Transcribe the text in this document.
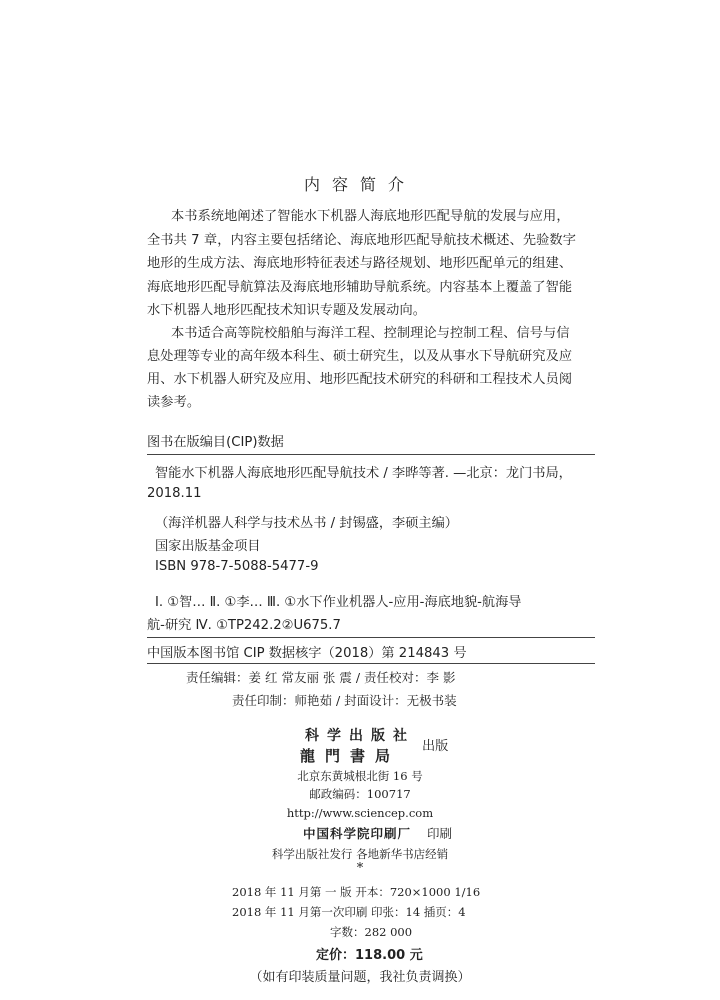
内容简介
本书系统地阐述了智能水下机器人海底地形匹配导航的发展与应用，
全书共 7 章，内容主要包括绪论、海底地形匹配导航技术概述、先验数字
地形的生成方法、海底地形特征表述与路径规划、地形匹配单元的组建、
海底地形匹配导航算法及海底地形辅助导航系统。内容基本上覆盖了智能
水下机器人地形匹配技术知识专题及发展动向。
本书适合高等院校船舶与海洋工程、控制理论与控制工程、信号与信
息处理等专业的高年级本科生、硕士研究生，以及从事水下导航研究及应
用、水下机器人研究及应用、地形匹配技术研究的科研和工程技术人员阅
读参考。
图书在版编目(CIP)数据
智能水下机器人海底地形匹配导航技术 / 李晔等著. —北京：龙门书局，
2018.11
（海洋机器人科学与技术丛书 / 封锡盛，李硕主编）
国家出版基金项目
ISBN 978-7-5088-5477-9
Ⅰ. ①智… Ⅱ. ①李… Ⅲ. ①水下作业机器人-应用-海底地貌-航海导
航-研究 Ⅳ. ①TP242.2②U675.7
中国版本图书馆 CIP 数据核字（2018）第 214843 号
责任编辑：姜 红 常友丽 张 震 / 责任校对：李 影
责任印制：师艳茹 / 封面设计：无极书装
科学出版社
龍門書局
出版
北京东黄城根北街 16 号
邮政编码：100717
http://www.sciencep.com
中国科学院印刷厂 印刷
科学出版社发行 各地新华书店经销
*
2018 年 11 月第 一 版 开本：720×1000 1/16
2018 年 11 月第一次印刷 印张：14 插页：4
字数：282 000
定价：118.00 元
（如有印装质量问题，我社负责调换）
